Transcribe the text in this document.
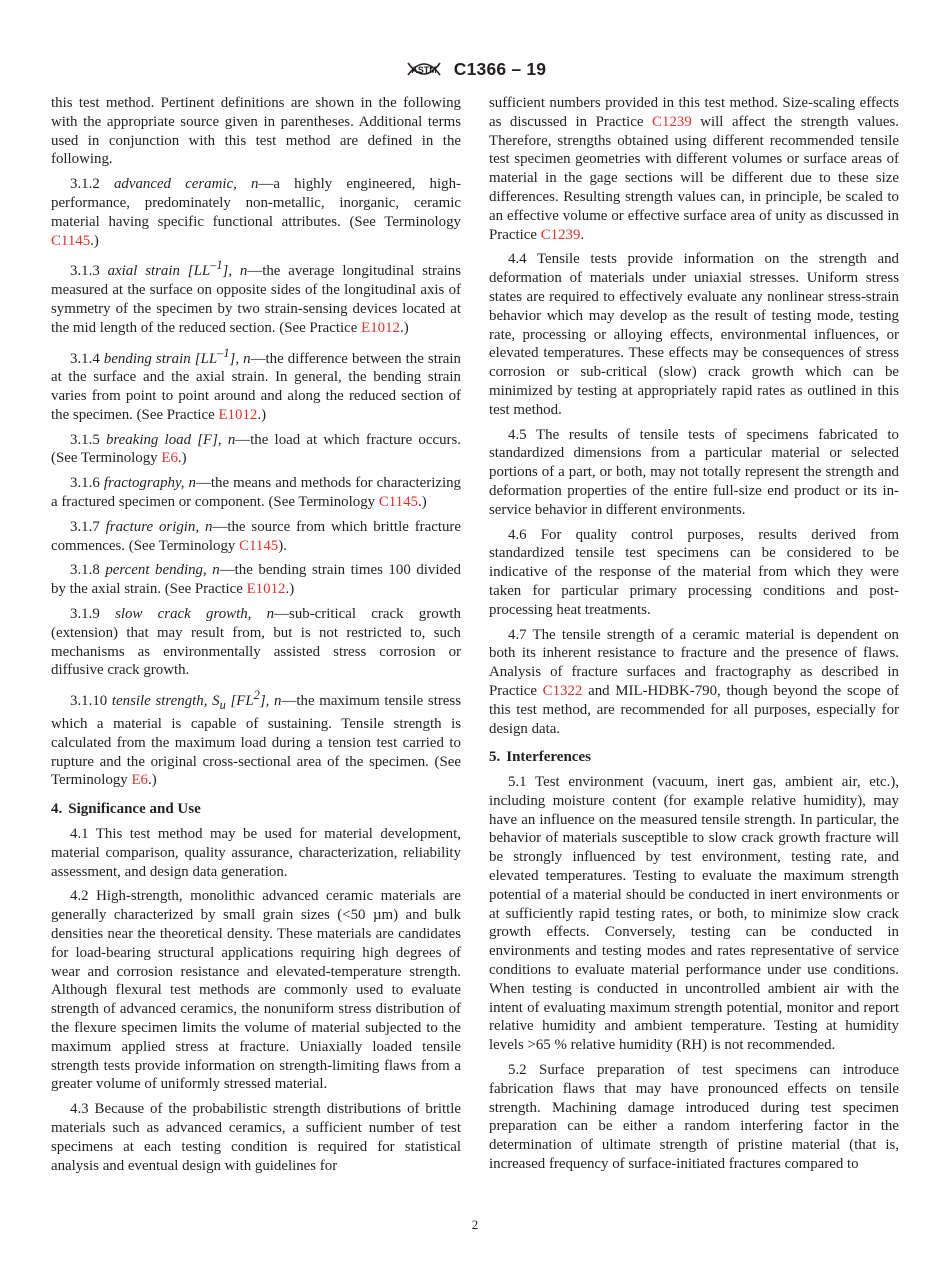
ASTM C1366 – 19

this test method. Pertinent definitions are shown in the following with the appropriate source given in parentheses. Additional terms used in conjunction with this test method are defined in the following.

3.1.2 advanced ceramic, n—a highly engineered, high-performance, predominately non-metallic, inorganic, ceramic material having specific functional attributes. (See Terminology C1145.)

3.1.3 axial strain $[LL^{-1}]$, n—the average longitudinal strains measured at the surface on opposite sides of the longitudinal axis of symmetry of the specimen by two strain-sensing devices located at the mid length of the reduced section. (See Practice E1012.)

3.1.4 bending strain $[LL^{-1}]$, n—the difference between the strain at the surface and the axial strain. In general, the bending strain varies from point to point around and along the reduced section of the specimen. (See Practice E1012.)

3.1.5 breaking load [F], n—the load at which fracture occurs. (See Terminology E6.)

3.1.6 fractography, n—the means and methods for characterizing a fractured specimen or component. (See Terminology C1145.)

3.1.7 fracture origin, n—the source from which brittle fracture commences. (See Terminology C1145).

3.1.8 percent bending, n—the bending strain times 100 divided by the axial strain. (See Practice E1012.)

3.1.9 slow crack growth, n—sub-critical crack growth (extension) that may result from, but is not restricted to, such mechanisms as environmentally assisted stress corrosion or diffusive crack growth.

3.1.10 tensile strength, $S_u$ $[FL^2]$, n—the maximum tensile stress which a material is capable of sustaining. Tensile strength is calculated from the maximum load during a tension test carried to rupture and the original cross-sectional area of the specimen. (See Terminology E6.)

4. Significance and Use

4.1 This test method may be used for material development, material comparison, quality assurance, characterization, reliability assessment, and design data generation.

4.2 High-strength, monolithic advanced ceramic materials are generally characterized by small grain sizes (<50 µm) and bulk densities near the theoretical density. These materials are candidates for load-bearing structural applications requiring high degrees of wear and corrosion resistance and elevated-temperature strength. Although flexural test methods are commonly used to evaluate strength of advanced ceramics, the nonuniform stress distribution of the flexure specimen limits the volume of material subjected to the maximum applied stress at fracture. Uniaxially loaded tensile strength tests provide information on strength-limiting flaws from a greater volume of uniformly stressed material.

4.3 Because of the probabilistic strength distributions of brittle materials such as advanced ceramics, a sufficient number of test specimens at each testing condition is required for statistical analysis and eventual design with guidelines for

sufficient numbers provided in this test method. Size-scaling effects as discussed in Practice C1239 will affect the strength values. Therefore, strengths obtained using different recommended tensile test specimen geometries with different volumes or surface areas of material in the gage sections will be different due to these size differences. Resulting strength values can, in principle, be scaled to an effective volume or effective surface area of unity as discussed in Practice C1239.

4.4 Tensile tests provide information on the strength and deformation of materials under uniaxial stresses. Uniform stress states are required to effectively evaluate any nonlinear stress-strain behavior which may develop as the result of testing mode, testing rate, processing or alloying effects, environmental influences, or elevated temperatures. These effects may be consequences of stress corrosion or sub-critical (slow) crack growth which can be minimized by testing at appropriately rapid rates as outlined in this test method.

4.5 The results of tensile tests of specimens fabricated to standardized dimensions from a particular material or selected portions of a part, or both, may not totally represent the strength and deformation properties of the entire full-size end product or its in-service behavior in different environments.

4.6 For quality control purposes, results derived from standardized tensile test specimens can be considered to be indicative of the response of the material from which they were taken for particular primary processing conditions and post-processing heat treatments.

4.7 The tensile strength of a ceramic material is dependent on both its inherent resistance to fracture and the presence of flaws. Analysis of fracture surfaces and fractography as described in Practice C1322 and MIL-HDBK-790, though beyond the scope of this test method, are recommended for all purposes, especially for design data.

5. Interferences

5.1 Test environment (vacuum, inert gas, ambient air, etc.), including moisture content (for example relative humidity), may have an influence on the measured tensile strength. In particular, the behavior of materials susceptible to slow crack growth fracture will be strongly influenced by test environment, testing rate, and elevated temperatures. Testing to evaluate the maximum strength potential of a material should be conducted in inert environments or at sufficiently rapid testing rates, or both, to minimize slow crack growth effects. Conversely, testing can be conducted in environments and testing modes and rates representative of service conditions to evaluate material performance under use conditions. When testing is conducted in uncontrolled ambient air with the intent of evaluating maximum strength potential, monitor and report relative humidity and ambient temperature. Testing at humidity levels >65 % relative humidity (RH) is not recommended.

5.2 Surface preparation of test specimens can introduce fabrication flaws that may have pronounced effects on tensile strength. Machining damage introduced during test specimen preparation can be either a random interfering factor in the determination of ultimate strength of pristine material (that is, increased frequency of surface-initiated fractures compared to

2
